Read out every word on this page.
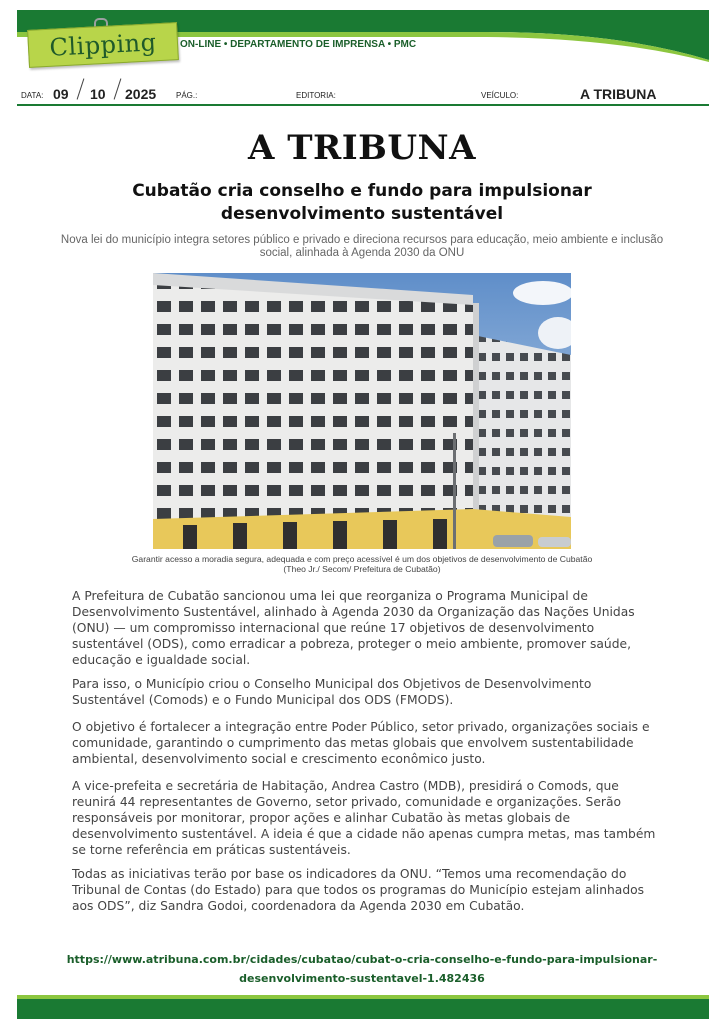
Clipping	ON-LINE • DEPARTAMENTO DE IMPRENSA • PMC
DATA: 09 10 2025 PÁG.:	EDITORIA:	VEÍCULO:	A TRIBUNA
A TRIBUNA
Cubatão cria conselho e fundo para impulsionar desenvolvimento sustentável
Nova lei do município integra setores público e privado e direciona recursos para educação, meio ambiente e inclusão social, alinhada à Agenda 2030 da ONU
Garantir acesso a moradia segura, adequada e com preço acessível é um dos objetivos de desenvolvimento de Cubatão (Theo Jr./ Secom/ Prefeitura de Cubatão)

A Prefeitura de Cubatão sancionou uma lei que reorganiza o Programa Municipal de Desenvolvimento Sustentável, alinhado à Agenda 2030 da Organização das Nações Unidas (ONU) — um compromisso internacional que reúne 17 objetivos de desenvolvimento sustentável (ODS), como erradicar a pobreza, proteger o meio ambiente, promover saúde, educação e igualdade social.

Para isso, o Município criou o Conselho Municipal dos Objetivos de Desenvolvimento Sustentável (Comods) e o Fundo Municipal dos ODS (FMODS).

O objetivo é fortalecer a integração entre Poder Público, setor privado, organizações sociais e comunidade, garantindo o cumprimento das metas globais que envolvem sustentabilidade ambiental, desenvolvimento social e crescimento econômico justo.

A vice-prefeita e secretária de Habitação, Andrea Castro (MDB), presidirá o Comods, que reunirá 44 representantes de Governo, setor privado, comunidade e organizações. Serão responsáveis por monitorar, propor ações e alinhar Cubatão às metas globais de desenvolvimento sustentável. A ideia é que a cidade não apenas cumpra metas, mas também se torne referência em práticas sustentáveis.

Todas as iniciativas terão por base os indicadores da ONU. “Temos uma recomendação do Tribunal de Contas (do Estado) para que todos os programas do Município estejam alinhados aos ODS”, diz Sandra Godoi, coordenadora da Agenda 2030 em Cubatão.

https://www.atribuna.com.br/cidades/cubatao/cubat-o-cria-conselho-e-fundo-para-impulsionar-desenvolvimento-sustentavel-1.482436
